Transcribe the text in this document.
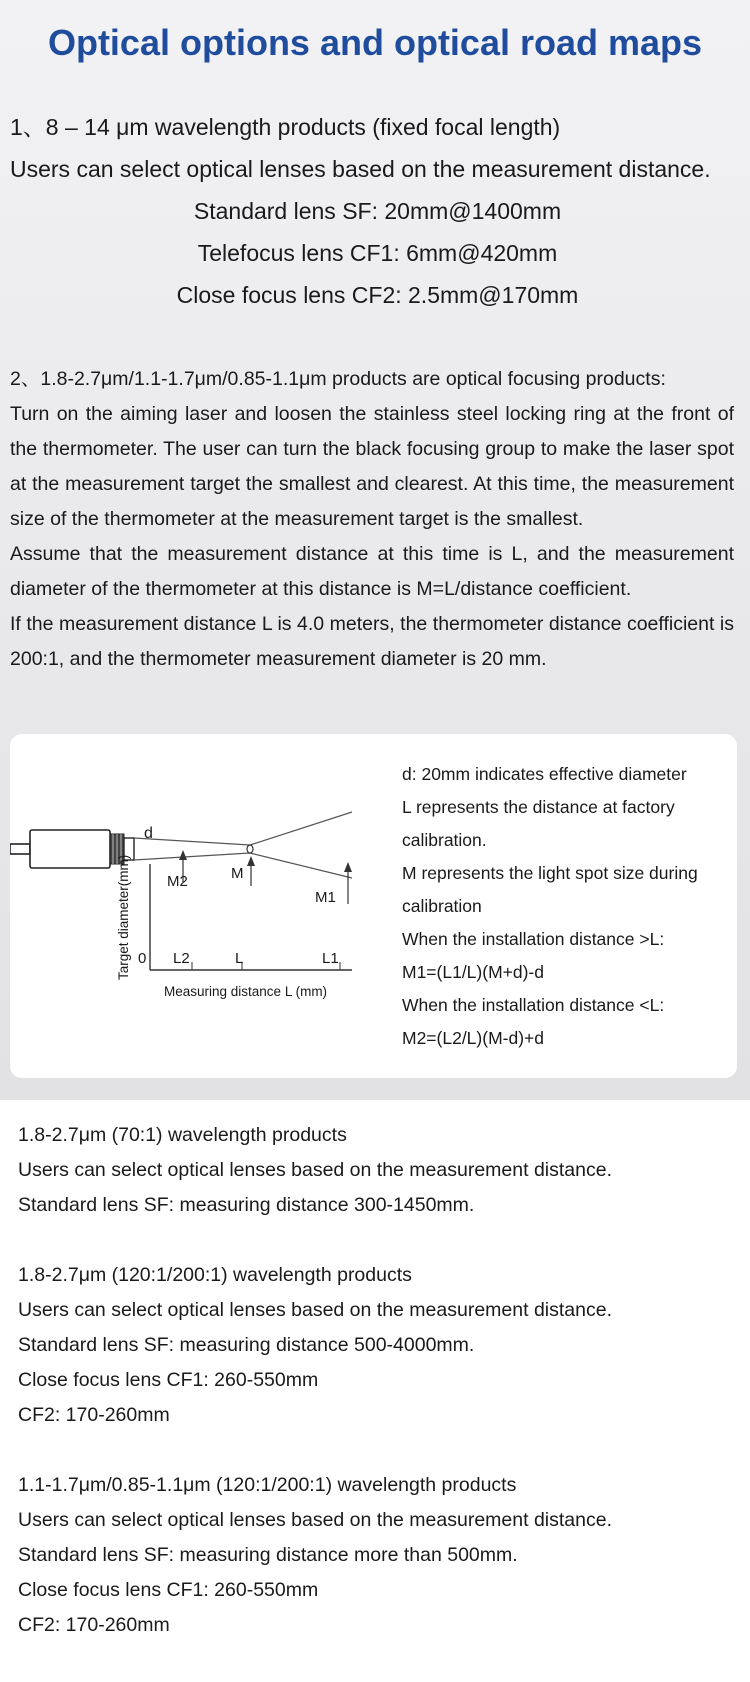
Optical options and optical road maps
1、8 – 14 μm wavelength products (fixed focal length)
Users can select optical lenses based on the measurement distance.
Standard lens SF: 20mm@1400mm
Telefocus lens CF1: 6mm@420mm
Close focus lens CF2: 2.5mm@170mm

2、1.8-2.7μm/1.1-1.7μm/0.85-1.1μm products are optical focusing products:

Turn on the aiming laser and loosen the stainless steel locking ring at the front of the thermometer. The user can turn the black focusing group to make the laser spot at the measurement target the smallest and clearest. At this time, the measurement size of the thermometer at the measurement target is the smallest.

Assume that the measurement distance at this time is L, and the measurement diameter of the thermometer at this distance is M=L/distance coefficient.

If the measurement distance L is 4.0 meters, the thermometer distance coefficient is 200:1, and the thermometer measurement diameter is 20 mm.

d
M2	M
M1
0 L2	L	L1
Measuring distance L (mm)
Target diameter(mm)
d: 20mm indicates effective diameter
L represents the distance at factory
calibration.
M represents the light spot size during
calibration
When the installation distance >L:
M1=(L1/L)(M+d)-d
When the installation distance <L:
M2=(L2/L)(M-d)+d
1.8-2.7μm (70:1) wavelength products
Users can select optical lenses based on the measurement distance.
Standard lens SF: measuring distance 300-1450mm.
1.8-2.7μm (120:1/200:1) wavelength products
Users can select optical lenses based on the measurement distance.
Standard lens SF: measuring distance 500-4000mm.
Close focus lens CF1: 260-550mm
CF2: 170-260mm
1.1-1.7μm/0.85-1.1μm (120:1/200:1) wavelength products
Users can select optical lenses based on the measurement distance.
Standard lens SF: measuring distance more than 500mm.
Close focus lens CF1: 260-550mm
CF2: 170-260mm
